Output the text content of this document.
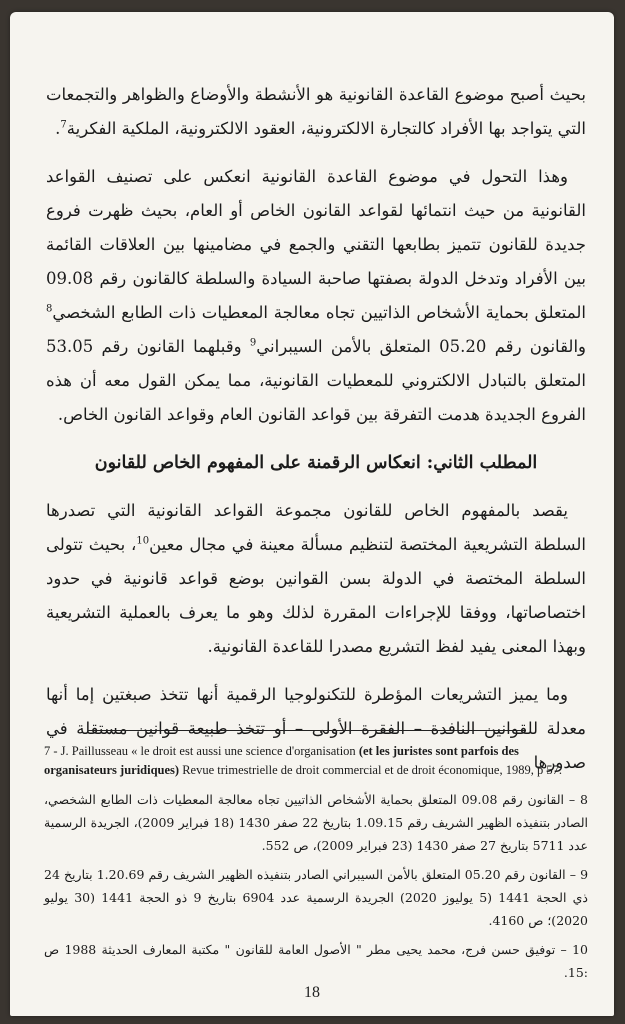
بحيث أصبح موضوع القاعدة القانونية هو الأنشطة والأوضاع والظواهر والتجمعات التي يتواجد بها الأفراد كالتجارة الالكترونية، العقود الالكترونية، الملكية الفكرية$^7$.

وهذا التحول في موضوع القاعدة القانونية انعكس على تصنيف القواعد القانونية من حيث انتمائها لقواعد القانون الخاص أو العام، بحيث ظهرت فروع جديدة للقانون تتميز بطابعها التقني والجمع في مضامينها بين العلاقات القائمة بين الأفراد وتدخل الدولة بصفتها صاحبة السيادة والسلطة كالقانون رقم 09.08 المتعلق بحماية الأشخاص الذاتيين تجاه معالجة المعطيات ذات الطابع الشخصي$^8$ والقانون رقم 05.20 المتعلق بالأمن السيبراني$^9$ وقبلهما القانون رقم 53.05 المتعلق بالتبادل الالكتروني للمعطيات القانونية، مما يمكن القول معه أن هذه الفروع الجديدة هدمت التفرقة بين قواعد القانون العام وقواعد القانون الخاص.

المطلب الثاني: انعكاس الرقمنة على المفهوم الخاص للقانون

يقصد بالمفهوم الخاص للقانون مجموعة القواعد القانونية التي تصدرها السلطة التشريعية المختصة لتنظيم مسألة معينة في مجال معين$^{10}$، بحيث تتولى السلطة المختصة في الدولة بسن القوانين بوضع قواعد قانونية في حدود اختصاصاتها، ووفقا للإجراءات المقررة لذلك وهو ما يعرف بالعملية التشريعية وبهذا المعنى يفيد لفظ التشريع مصدرا للقاعدة القانونية.

وما يميز التشريعات المؤطرة للتكنولوجيا الرقمية أنها تتخذ صبغتين إما أنها معدلة للقوانين النافدة – الفقرة الأولى – أو تتخذ طبيعة قوانين مستقلة في صدورها

7 - J. Paillusseau « le droit est aussi une science d'organisation (et les juristes sont parfois des organisateurs juridiques) Revue trimestrielle de droit commercial et de droit économique, 1989, p 57.

8 – القانون رقم 09.08 المتعلق بحماية الأشخاص الذاتيين تجاه معالجة المعطيات ذات الطابع الشخصي، الصادر بتنفيذه الظهير الشريف رقم 1.09.15 بتاريخ 22 صفر 1430 (18 فبراير 2009)، الجريدة الرسمية عدد 5711 بتاريخ 27 صفر 1430 (23 فبراير 2009)، ص 552.

9 – القانون رقم 05.20 المتعلق بالأمن السيبراني الصادر بتنفيذه الظهير الشريف رقم 1.20.69 بتاريخ 24 ذي الحجة 1441 (5 يوليوز 2020) الجريدة الرسمية عدد 6904 بتاريخ 9 ذو الحجة 1441 (30 يوليو 2020)؛ ص 4160.

10 – توفيق حسن فرج، محمد يحيى مطر " الأصول العامة للقانون " مكتبة المعارف الحديثة 1988 ص :15.

18
